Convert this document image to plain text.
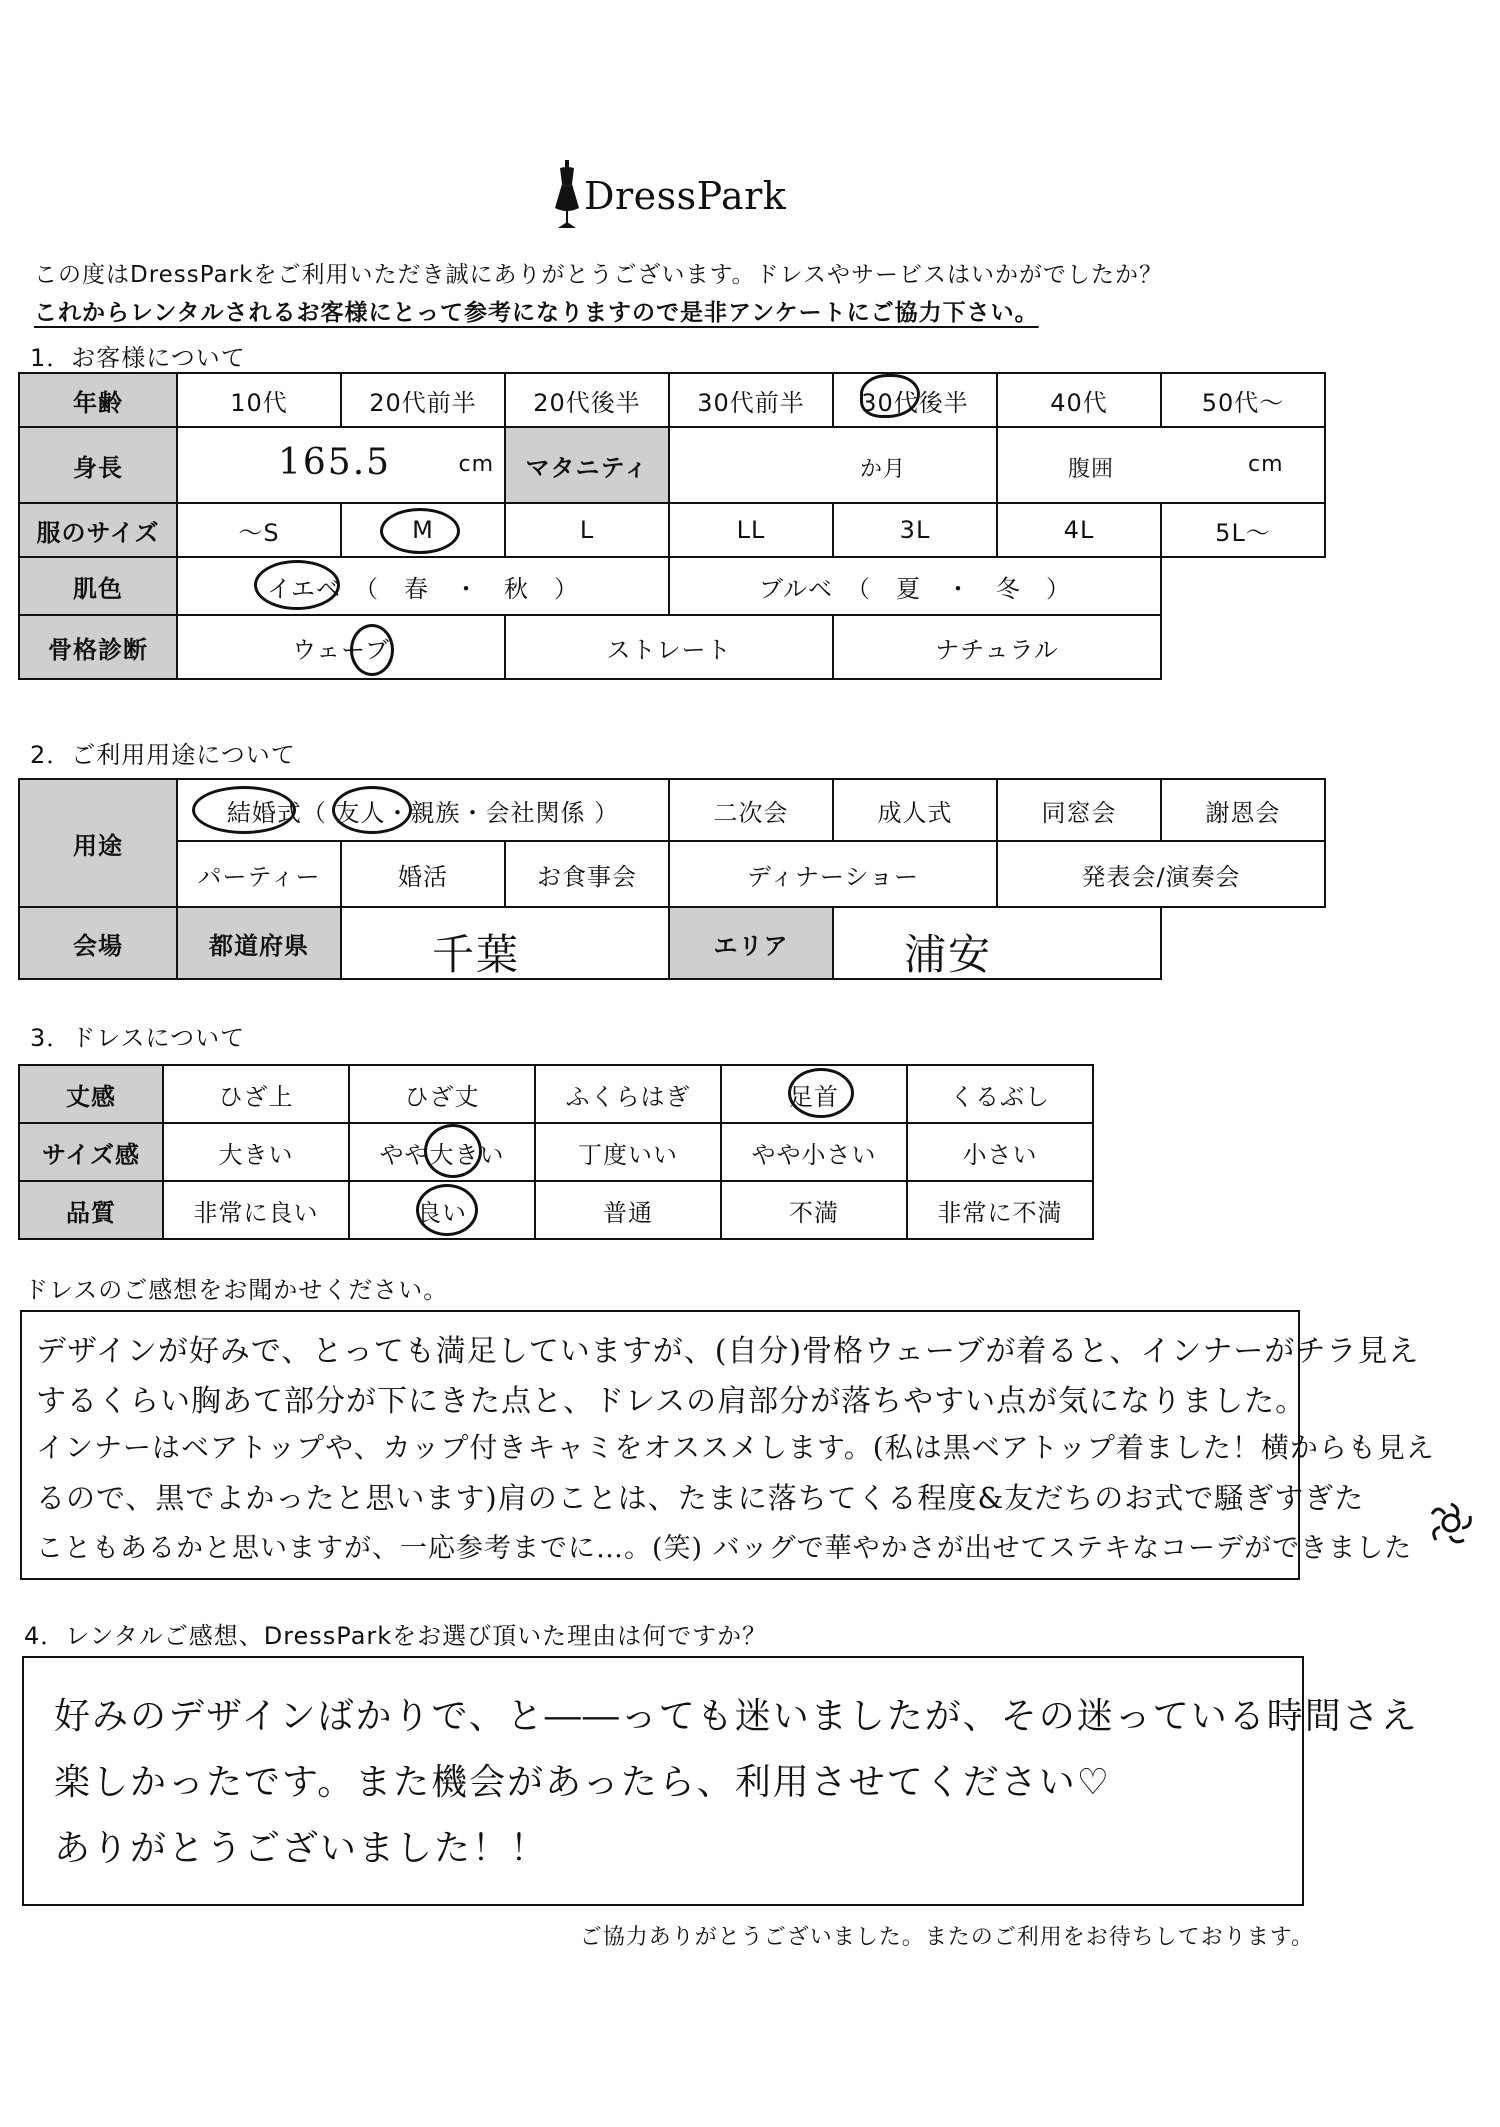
DressPark
この度はDressParkをご利用いただき誠にありがとうございます。ドレスやサービスはいかがでしたか？
これからレンタルされるお客様にとって参考になりますので是非アンケートにご協力下さい。
1．お客様について
年齢	10代	20代前半	20代後半	30代前半	30代後半	40代	50代～
身長	165.5	cm	マタニティ	か月	腹囲	cm
服のサイズ	～S	M	L	LL	3L	4L	5L～
肌色	イエベ　（　春　・　秋　）	ブルベ　（　夏　・　冬　）
骨格診断	ウェーブ	ストレート	ナチュラル
2．ご利用用途について
用途
結婚式（ 友人・親族・会社関係 ）	二次会	成人式	同窓会	謝恩会
パーティー	婚活	お食事会	ディナーショー	発表会/演奏会
会場	都道府県	千葉	エリア	浦安
3．ドレスについて
丈感	ひざ上	ひざ丈	ふくらはぎ	足首	くるぶし
サイズ感	大きい	やや大きい	丁度いい	やや小さい	小さい
品質	非常に良い	良い	普通	不満	非常に不満
ドレスのご感想をお聞かせください。
デザインが好みで、とっても満足していますが、(自分)骨格ウェーブが着ると、インナーがチラ見え
するくらい胸あて部分が下にきた点と、ドレスの肩部分が落ちやすい点が気になりました。
インナーはベアトップや、カップ付きキャミをオススメします。(私は黒ベアトップ着ました！横からも見え
るので、黒でよかったと思います)肩のことは、たまに落ちてくる程度&友だちのお式で騒ぎすぎた
こともあるかと思いますが、一応参考までに…。(笑) バッグで華やかさが出せてステキなコーデができました
4．レンタルご感想、DressParkをお選び頂いた理由は何ですか？
好みのデザインばかりで、と――っても迷いましたが、その迷っている時間さえ
楽しかったです。また機会があったら、利用させてください♡
ありがとうございました！！
ご協力ありがとうございました。またのご利用をお待ちしております。
